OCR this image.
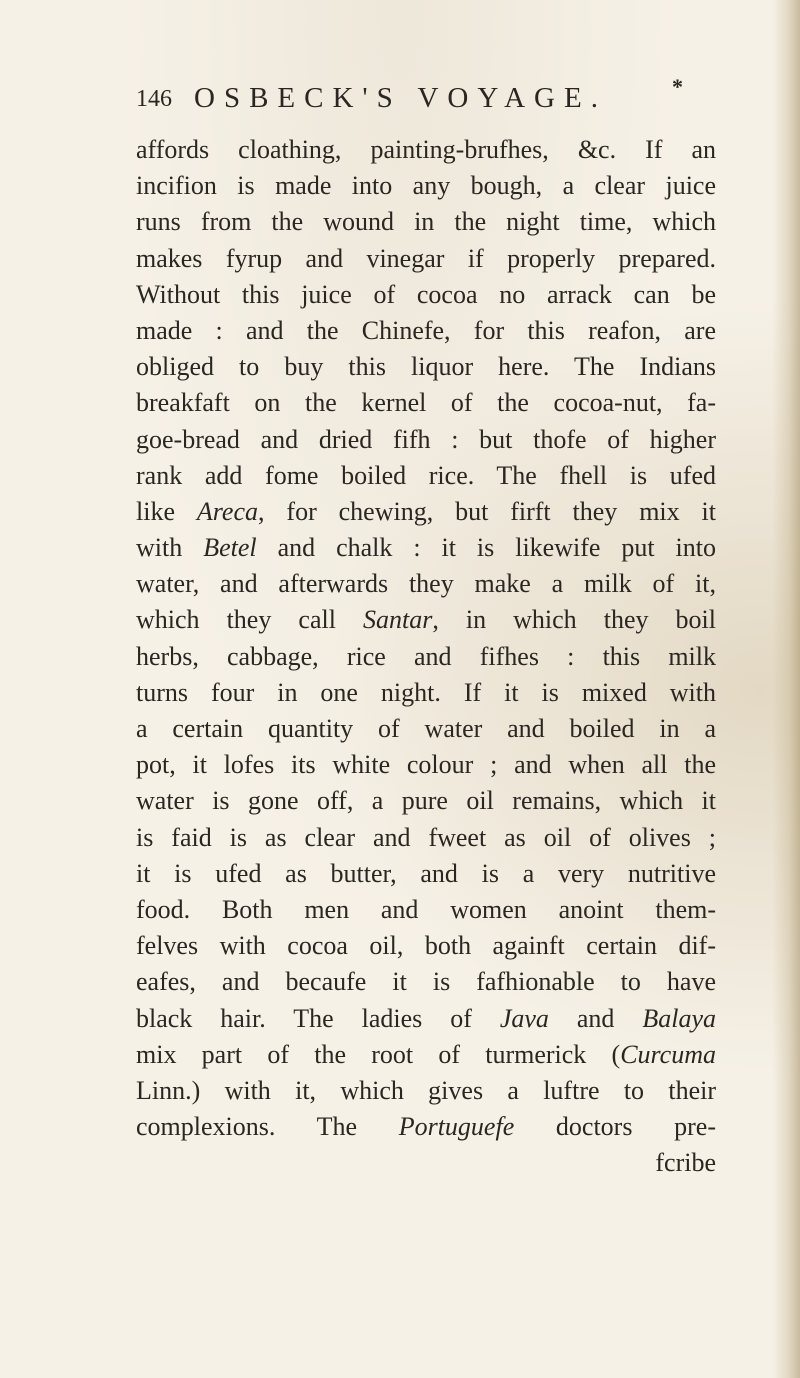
146 OSBECK'S VOYAGE.	*
affords cloathing, painting-brufhes, &c. If an
incifion is made into any bough, a clear juice
runs from the wound in the night time, which
makes fyrup and vinegar if properly prepared.
Without this juice of cocoa no arrack can be
made : and the Chinefe, for this reafon, are
obliged to buy this liquor here. The Indians
breakfaft on the kernel of the cocoa-nut, fa-
goe-bread and dried fifh : but thofe of higher
rank add fome boiled rice. The fhell is ufed
like Areca, for chewing, but firft they mix it
with Betel and chalk : it is likewife put into
water, and afterwards they make a milk of it,
which they call Santar, in which they boil
herbs, cabbage, rice and fifhes : this milk
turns four in one night. If it is mixed with
a certain quantity of water and boiled in a
pot, it lofes its white colour ; and when all the
water is gone off, a pure oil remains, which it
is faid is as clear and fweet as oil of olives ;
it is ufed as butter, and is a very nutritive
food. Both men and women anoint them-
felves with cocoa oil, both againft certain dif-
eafes, and becaufe it is fafhionable to have
black hair. The ladies of Java and Balaya
mix part of the root of turmerick (Curcuma
Linn.) with it, which gives a luftre to their
complexions. The Portuguefe doctors pre-
fcribe
